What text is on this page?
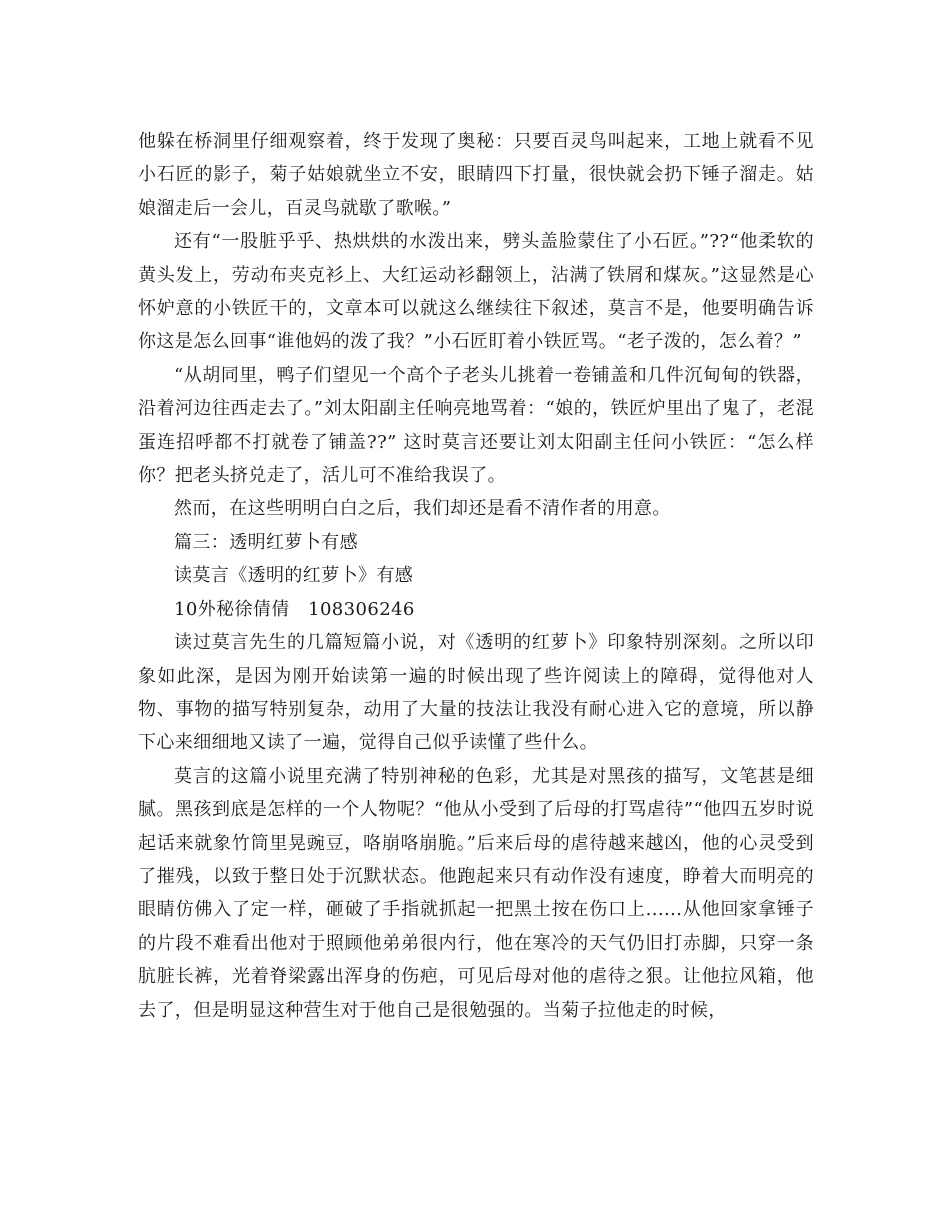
他躲在桥洞里仔细观察着，终于发现了奥秘：只要百灵鸟叫起来，工地上就看不见小石匠的影子，菊子姑娘就坐立不安，眼睛四下打量，很快就会扔下锤子溜走。姑娘溜走后一会儿，百灵鸟就歇了歌喉。”

还有“一股脏乎乎、热烘烘的水泼出来，劈头盖脸蒙住了小石匠。”??“他柔软的黄头发上，劳动布夹克衫上、大红运动衫翻领上，沾满了铁屑和煤灰。”这显然是心怀妒意的小铁匠干的，文章本可以就这么继续往下叙述，莫言不是，他要明确告诉你这是怎么回事“谁他妈的泼了我？”小石匠盯着小铁匠骂。“老子泼的，怎么着？”

“从胡同里，鸭子们望见一个高个子老头儿挑着一卷铺盖和几件沉甸甸的铁器，沿着河边往西走去了。”刘太阳副主任响亮地骂着：“娘的，铁匠炉里出了鬼了，老混蛋连招呼都不打就卷了铺盖??” 这时莫言还要让刘太阳副主任问小铁匠：“怎么样你？把老头挤兑走了，活儿可不准给我误了。

然而，在这些明明白白之后，我们却还是看不清作者的用意。

篇三：透明红萝卜有感

读莫言《透明的红萝卜》有感

10外秘徐倩倩　108306246

读过莫言先生的几篇短篇小说，对《透明的红萝卜》印象特别深刻。之所以印象如此深，是因为刚开始读第一遍的时候出现了些许阅读上的障碍，觉得他对人物、事物的描写特别复杂，动用了大量的技法让我没有耐心进入它的意境，所以静下心来细细地又读了一遍，觉得自己似乎读懂了些什么。

莫言的这篇小说里充满了特别神秘的色彩，尤其是对黑孩的描写，文笔甚是细腻。黑孩到底是怎样的一个人物呢？“他从小受到了后母的打骂虐待”“他四五岁时说起话来就象竹筒里晃豌豆，咯崩咯崩脆。”后来后母的虐待越来越凶，他的心灵受到了摧残，以致于整日处于沉默状态。他跑起来只有动作没有速度，睁着大而明亮的眼睛仿佛入了定一样，砸破了手指就抓起一把黑土按在伤口上......从他回家拿锤子的片段不难看出他对于照顾他弟弟很内行，他在寒冷的天气仍旧打赤脚，只穿一条肮脏长裤，光着脊梁露出浑身的伤疤，可见后母对他的虐待之狠。让他拉风箱，他去了，但是明显这种营生对于他自己是很勉强的。当菊子拉他走的时候，
